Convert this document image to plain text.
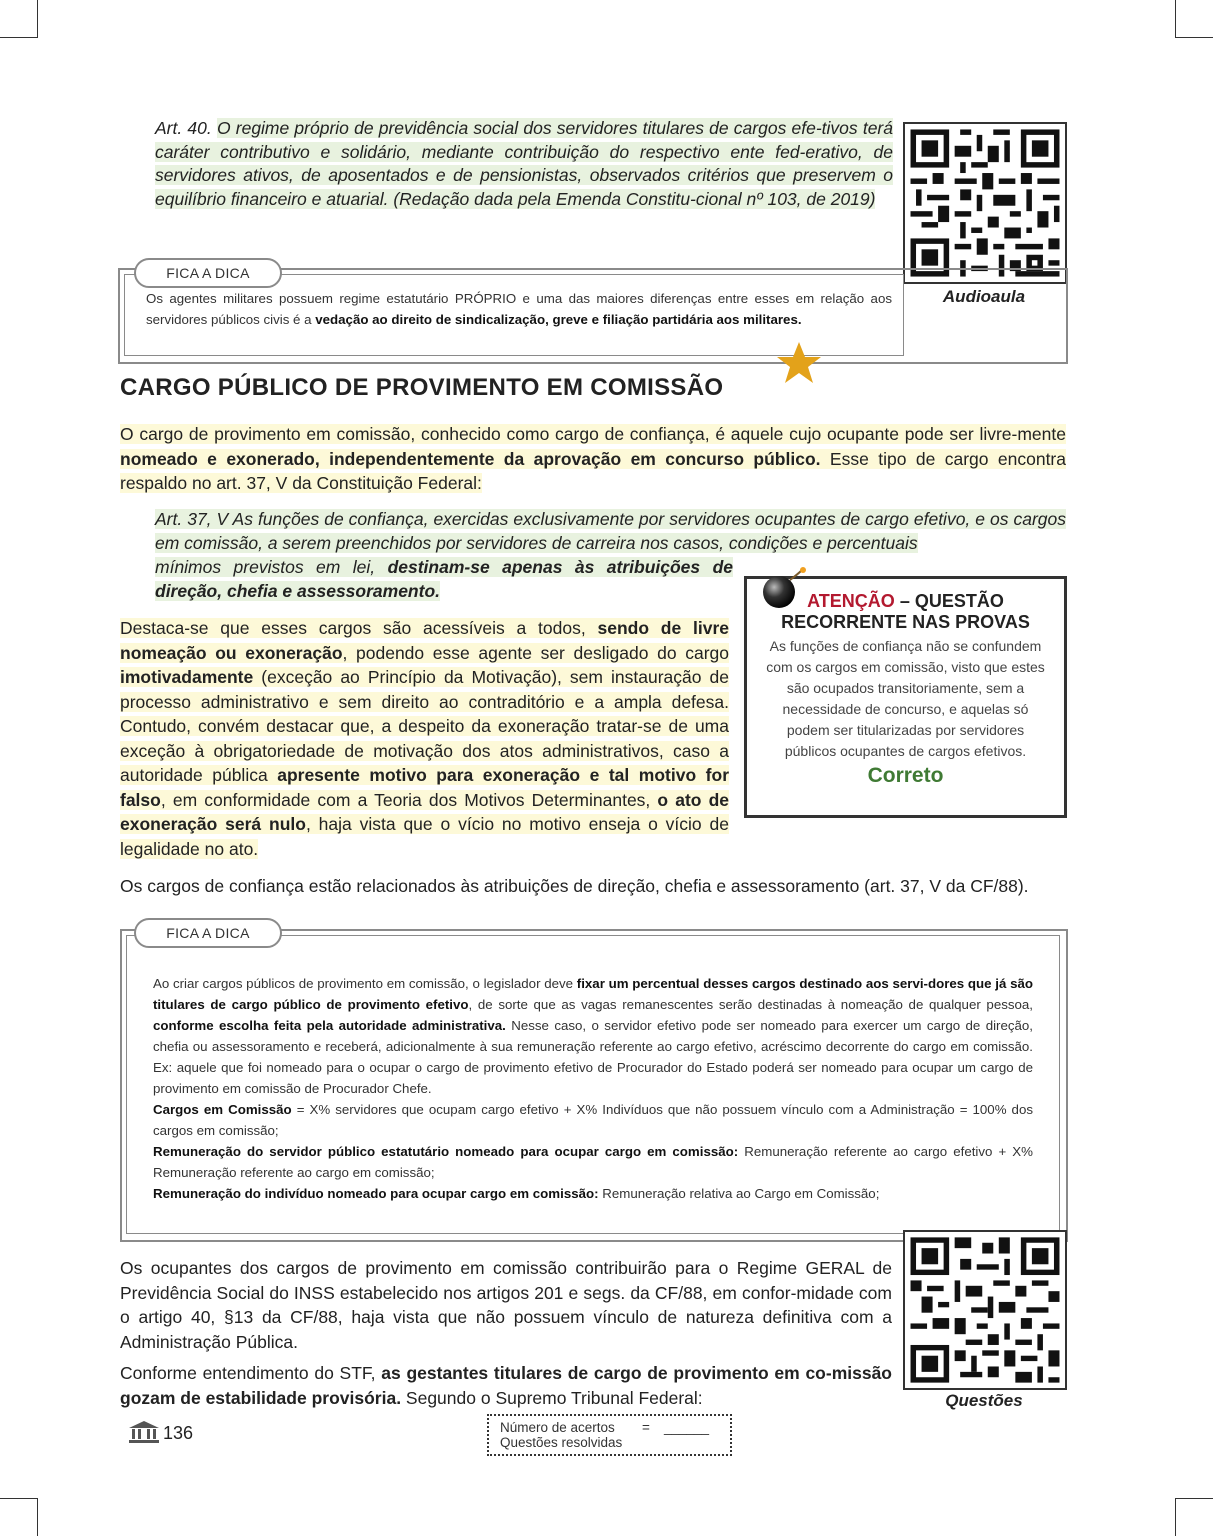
Art. 40. O regime próprio de previdência social dos servidores titulares de cargos efe-tivos terá caráter contributivo e solidário, mediante contribuição do respectivo ente fed-erativo, de servidores ativos, de aposentados e de pensionistas, observados critérios que preservem o equilíbrio financeiro e atuarial. (Redação dada pela Emenda Constitu-cional nº 103, de 2019)
Audioaula
FICA A DICA
Os agentes militares possuem regime estatutário PRÓPRIO e uma das maiores diferenças entre esses em relação aos servidores públicos civis é a vedação ao direito de sindicalização, greve e filiação partidária aos militares.
CARGO PÚBLICO DE PROVIMENTO EM COMISSÃO
O cargo de provimento em comissão, conhecido como cargo de confiança, é aquele cujo ocupante pode ser livre-mente nomeado e exonerado, independentemente da aprovação em concurso público. Esse tipo de cargo encontra respaldo no art. 37, V da Constituição Federal:
Art. 37, V As funções de confiança, exercidas exclusivamente por servidores ocupantes de cargo efetivo, e os cargos em comissão, a serem preenchidos por servidores de carreira nos casos, condições e percentuais
mínimos previstos em lei, destinam-se apenas às atribuições de direção, chefia e assessoramento.
ATENÇÃO – QUESTÃO
RECORRENTE NAS PROVAS
As funções de confiança não se confundem com os cargos em comissão, visto que estes são ocupados transitoriamente, sem a necessidade de concurso, e aquelas só podem ser titularizadas por servidores públicos ocupantes de cargos efetivos.
Correto
Destaca-se que esses cargos são acessíveis a todos, sendo de livre nomeação ou exoneração, podendo esse agente ser desligado do cargo imotivadamente (exceção ao Princípio da Motivação), sem instauração de processo administrativo e sem direito ao contraditório e a ampla defesa. Contudo, convém destacar que, a despeito da exoneração tratar-se de uma exceção à obrigatoriedade de motivação dos atos administrativos, caso a autoridade pública apresente motivo para exoneração e tal motivo for falso, em conformidade com a Teoria dos Motivos Determinantes, o ato de exoneração será nulo, haja vista que o vício no motivo enseja o vício de legalidade no ato.
Os cargos de confiança estão relacionados às atribuições de direção, chefia e assessoramento (art. 37, V da CF/88).
FICA A DICA
Ao criar cargos públicos de provimento em comissão, o legislador deve fixar um percentual desses cargos destinado aos servi-dores que já são titulares de cargo público de provimento efetivo, de sorte que as vagas remanescentes serão destinadas à nomeação de qualquer pessoa, conforme escolha feita pela autoridade administrativa. Nesse caso, o servidor efetivo pode ser nomeado para exercer um cargo de direção, chefia ou assessoramento e receberá, adicionalmente à sua remuneração referente ao cargo efetivo, acréscimo decorrente do cargo em comissão. Ex: aquele que foi nomeado para o ocupar o cargo de provimento efetivo de Procurador do Estado poderá ser nomeado para ocupar um cargo de provimento em comissão de Procurador Chefe.
Cargos em Comissão = X% servidores que ocupam cargo efetivo + X% Indivíduos que não possuem vínculo com a Administração = 100% dos cargos em comissão;
Remuneração do servidor público estatutário nomeado para ocupar cargo em comissão: Remuneração referente ao cargo efetivo + X% Remuneração referente ao cargo em comissão;
Remuneração do indivíduo nomeado para ocupar cargo em comissão: Remuneração relativa ao Cargo em Comissão;
Questões
Os ocupantes dos cargos de provimento em comissão contribuirão para o Regime GERAL de Previdência Social do INSS estabelecido nos artigos 201 e segs. da CF/88, em confor-midade com o artigo 40, §13 da CF/88, haja vista que não possuem vínculo de natureza definitiva com a Administração Pública.
Conforme entendimento do STF, as gestantes titulares de cargo de provimento em co-missão gozam de estabilidade provisória. Segundo o Supremo Tribunal Federal:
136	Número de acertos
Questões resolvidas
= ______
